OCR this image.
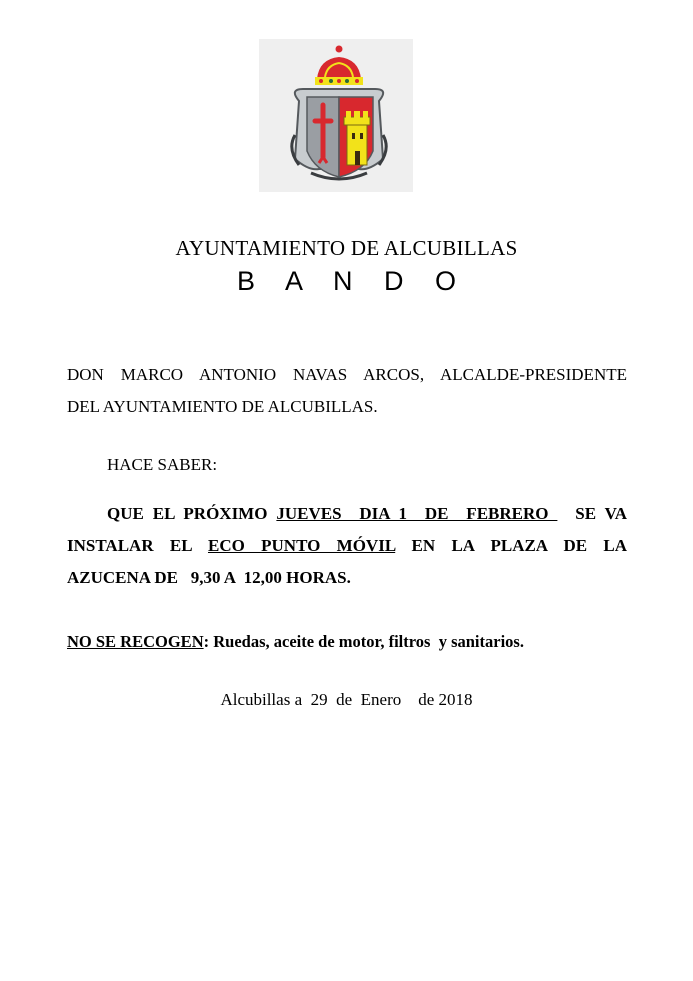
AYUNTAMIENTO DE ALCUBILLAS
B A N D O
DON MARCO ANTONIO NAVAS ARCOS, ALCALDE-PRESIDENTE
DEL AYUNTAMIENTO DE ALCUBILLAS.
HACE SABER:
QUE EL PRÓXIMO JUEVES  DIA 1  DE  FEBRERO   SE VA
INSTALAR EL ECO PUNTO MÓVIL EN LA PLAZA DE LA
AZUCENA DE   9,30 A  12,00 HORAS.
NO SE RECOGEN: Ruedas, aceite de motor, filtros  y sanitarios.
Alcubillas a  29  de  Enero    de 2018
